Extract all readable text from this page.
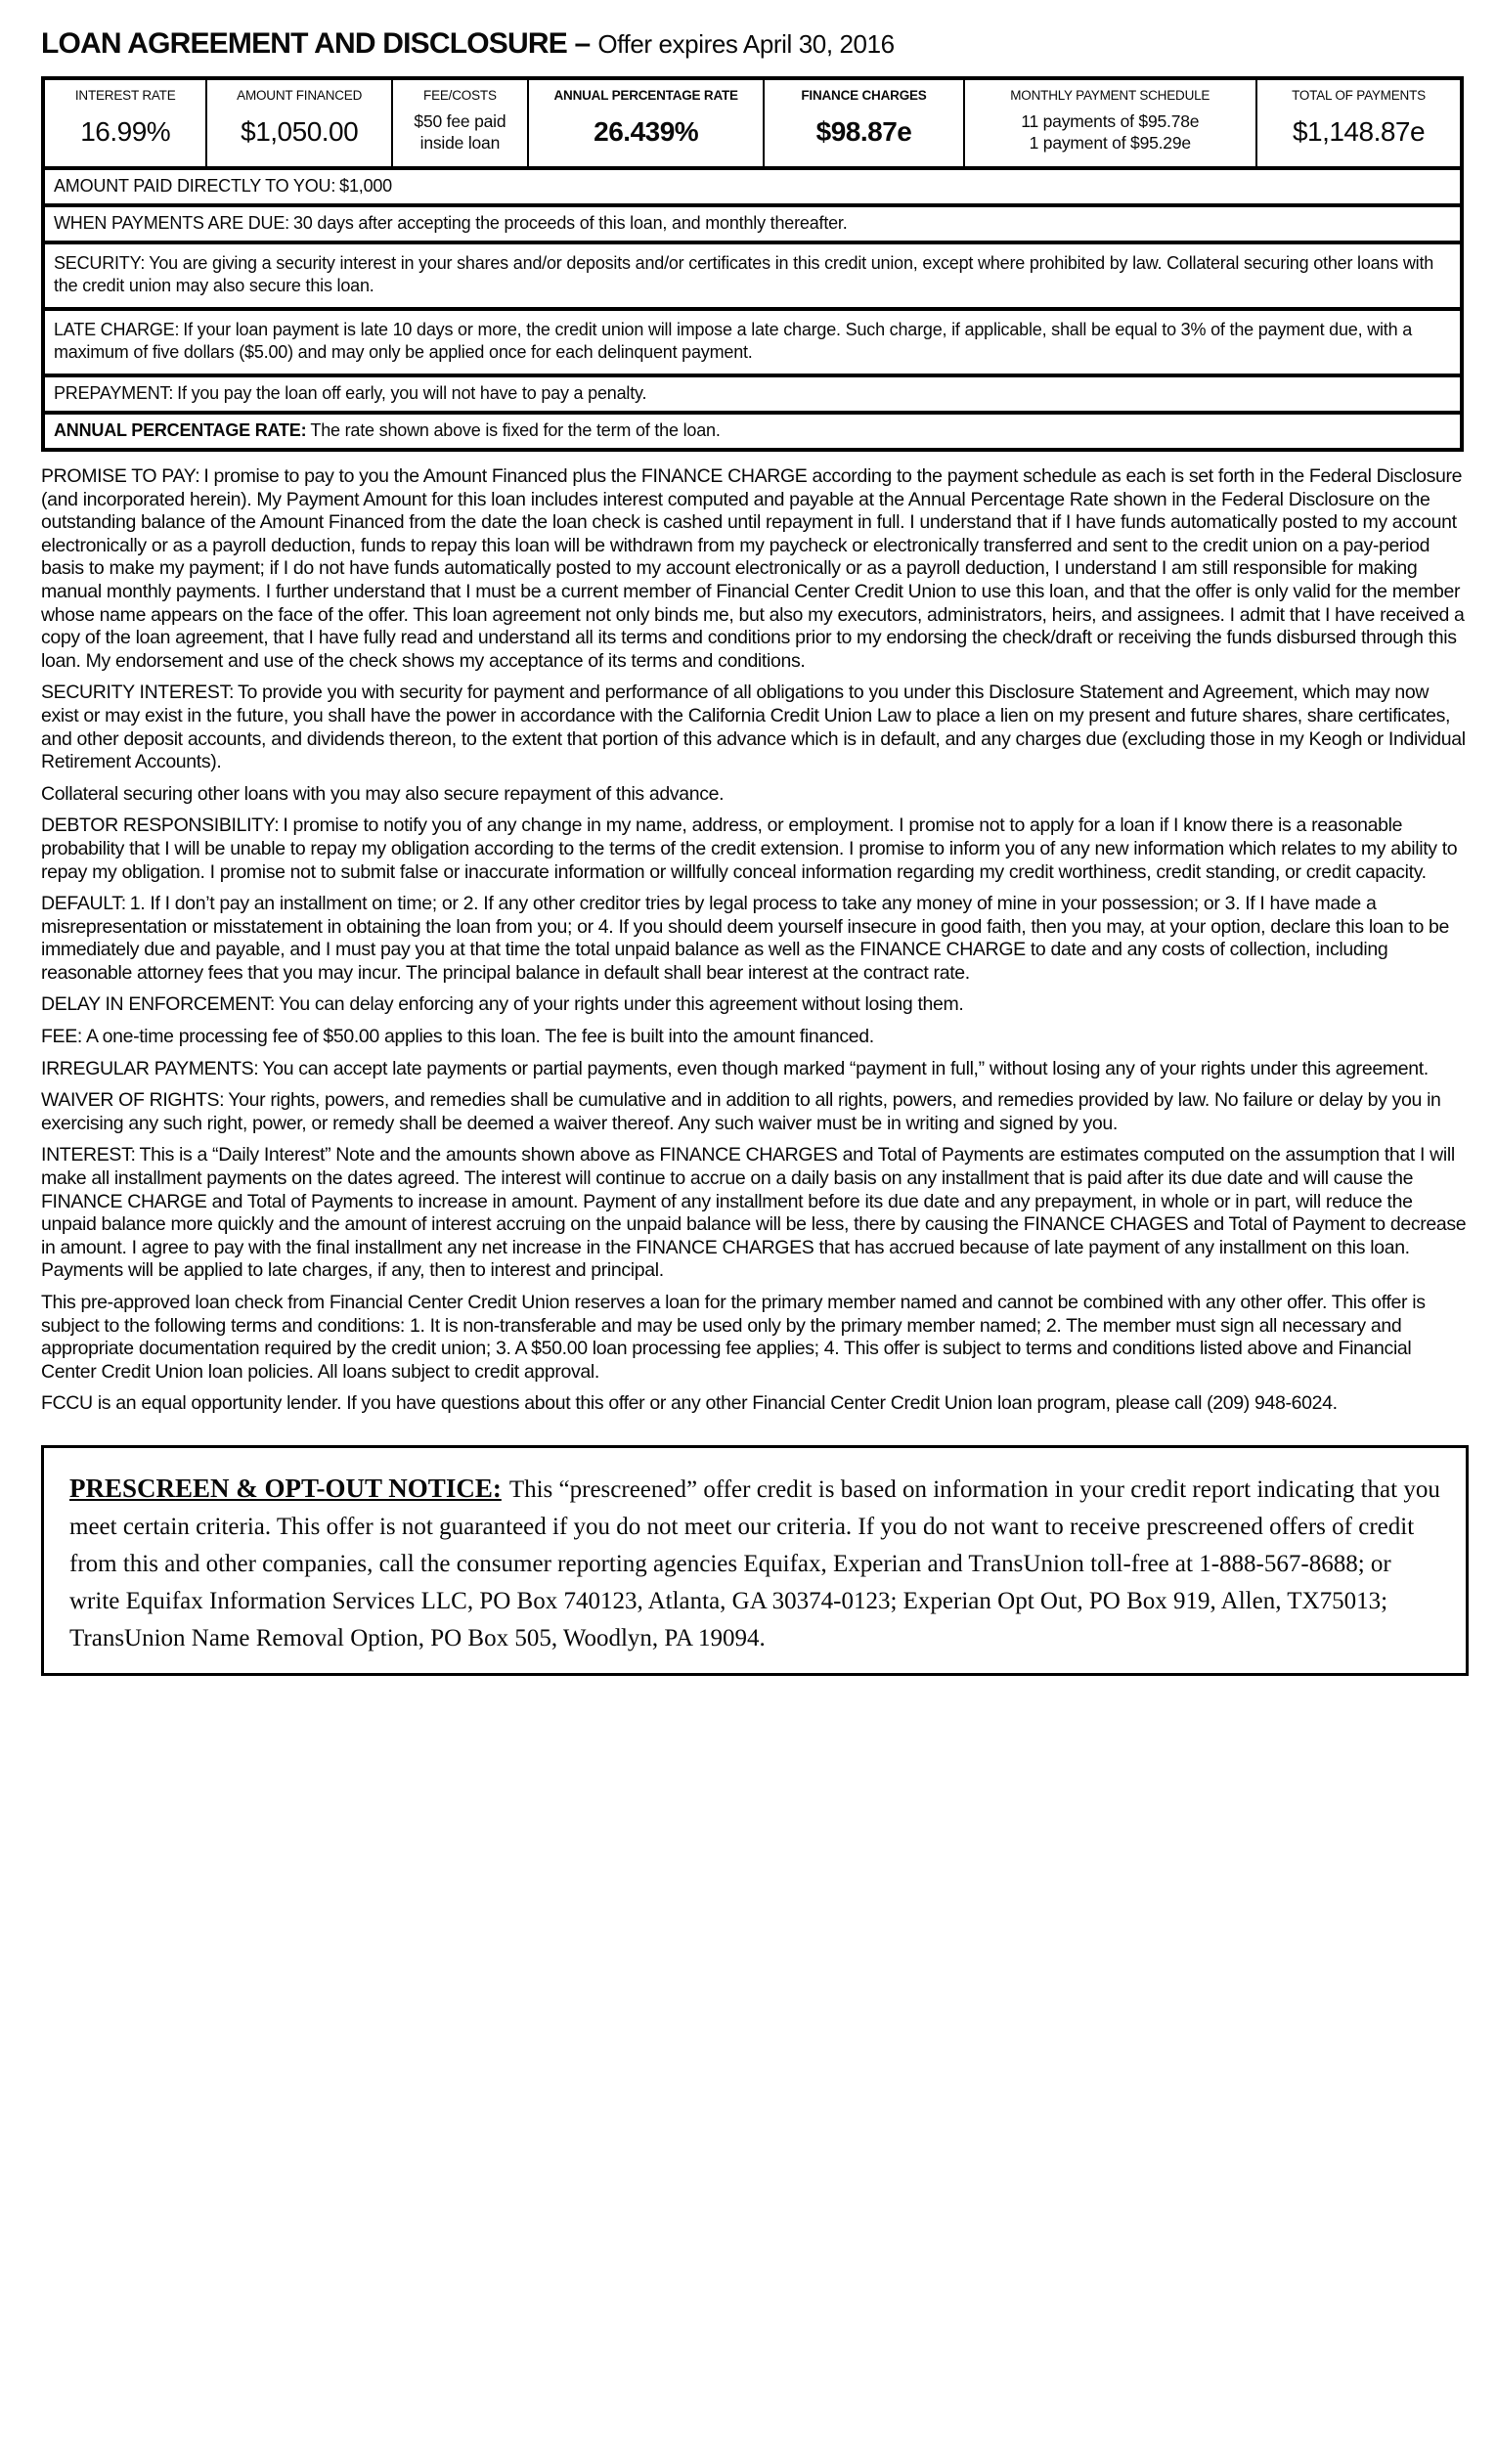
LOAN AGREEMENT AND DISCLOSURE – Offer expires April 30, 2016
INTEREST RATE
16.99%
AMOUNT FINANCED
$1,050.00
FEE/COSTS
$50 fee paid
inside loan
ANNUAL PERCENTAGE RATE
26.439%
FINANCE CHARGES
$98.87e
MONTHLY PAYMENT SCHEDULE
11 payments of $95.78e
1 payment of $95.29e
TOTAL OF PAYMENTS
$1,148.87e
AMOUNT PAID DIRECTLY TO YOU: $1,000
WHEN PAYMENTS ARE DUE: 30 days after accepting the proceeds of this loan, and monthly thereafter.
SECURITY: You are giving a security interest in your shares and/or deposits and/or certificates in this credit union, except where prohibited by law. Collateral securing other loans with the credit union may also secure this loan.
LATE CHARGE: If your loan payment is late 10 days or more, the credit union will impose a late charge. Such charge, if applicable, shall be equal to 3% of the payment due, with a maximum of five dollars ($5.00) and may only be applied once for each delinquent payment.
PREPAYMENT: If you pay the loan off early, you will not have to pay a penalty.
ANNUAL PERCENTAGE RATE: The rate shown above is fixed for the term of the loan.
PROMISE TO PAY: I promise to pay to you the Amount Financed plus the FINANCE CHARGE according to the payment schedule as each is set forth in the Federal Disclosure (and incorporated herein). My Payment Amount for this loan includes interest computed and payable at the Annual Percentage Rate shown in the Federal Disclosure on the outstanding balance of the Amount Financed from the date the loan check is cashed until repayment in full. I understand that if I have funds automatically posted to my account electronically or as a payroll deduction, funds to repay this loan will be withdrawn from my paycheck or electronically transferred and sent to the credit union on a pay-period basis to make my payment; if I do not have funds automatically posted to my account electronically or as a payroll deduction, I understand I am still responsible for making manual monthly payments. I further understand that I must be a current member of Financial Center Credit Union to use this loan, and that the offer is only valid for the member whose name appears on the face of the offer. This loan agreement not only binds me, but also my executors, administrators, heirs, and assignees. I admit that I have received a copy of the loan agreement, that I have fully read and understand all its terms and conditions prior to my endorsing the check/draft or receiving the funds disbursed through this loan. My endorsement and use of the check shows my acceptance of its terms and conditions.
SECURITY INTEREST: To provide you with security for payment and performance of all obligations to you under this Disclosure Statement and Agreement, which may now exist or may exist in the future, you shall have the power in accordance with the California Credit Union Law to place a lien on my present and future shares, share certificates, and other deposit accounts, and dividends thereon, to the extent that portion of this advance which is in default, and any charges due (excluding those in my Keogh or Individual Retirement Accounts).
Collateral securing other loans with you may also secure repayment of this advance.
DEBTOR RESPONSIBILITY: I promise to notify you of any change in my name, address, or employment. I promise not to apply for a loan if I know there is a reasonable probability that I will be unable to repay my obligation according to the terms of the credit extension. I promise to inform you of any new information which relates to my ability to repay my obligation. I promise not to submit false or inaccurate information or willfully conceal information regarding my credit worthiness, credit standing, or credit capacity.
DEFAULT: 1. If I don’t pay an installment on time; or 2. If any other creditor tries by legal process to take any money of mine in your possession; or 3. If I have made a misrepresentation or misstatement in obtaining the loan from you; or 4. If you should deem yourself insecure in good faith, then you may, at your option, declare this loan to be immediately due and payable, and I must pay you at that time the total unpaid balance as well as the FINANCE CHARGE to date and any costs of collection, including reasonable attorney fees that you may incur. The principal balance in default shall bear interest at the contract rate.
DELAY IN ENFORCEMENT: You can delay enforcing any of your rights under this agreement without losing them.
FEE: A one-time processing fee of $50.00 applies to this loan. The fee is built into the amount financed.
IRREGULAR PAYMENTS: You can accept late payments or partial payments, even though marked “payment in full,” without losing any of your rights under this agreement.
WAIVER OF RIGHTS: Your rights, powers, and remedies shall be cumulative and in addition to all rights, powers, and remedies provided by law. No failure or delay by you in exercising any such right, power, or remedy shall be deemed a waiver thereof. Any such waiver must be in writing and signed by you.
INTEREST: This is a “Daily Interest” Note and the amounts shown above as FINANCE CHARGES and Total of Payments are estimates computed on the assumption that I will make all installment payments on the dates agreed. The interest will continue to accrue on a daily basis on any installment that is paid after its due date and will cause the FINANCE CHARGE and Total of Payments to increase in amount. Payment of any installment before its due date and any prepayment, in whole or in part, will reduce the unpaid balance more quickly and the amount of interest accruing on the unpaid balance will be less, there by causing the FINANCE CHAGES and Total of Payment to decrease in amount. I agree to pay with the final installment any net increase in the FINANCE CHARGES that has accrued because of late payment of any installment on this loan. Payments will be applied to late charges, if any, then to interest and principal.
This pre-approved loan check from Financial Center Credit Union reserves a loan for the primary member named and cannot be combined with any other offer. This offer is subject to the following terms and conditions: 1. It is non-transferable and may be used only by the primary member named; 2. The member must sign all necessary and appropriate documentation required by the credit union; 3. A $50.00 loan processing fee applies; 4. This offer is subject to terms and conditions listed above and Financial Center Credit Union loan policies. All loans subject to credit approval.
FCCU is an equal opportunity lender. If you have questions about this offer or any other Financial Center Credit Union loan program, please call (209) 948-6024.
PRESCREEN & OPT-OUT NOTICE: This “prescreened” offer credit is based on information in your credit report indicating that you meet certain criteria. This offer is not guaranteed if you do not meet our criteria. If you do not want to receive prescreened offers of credit from this and other companies, call the consumer reporting agencies Equifax, Experian and TransUnion toll-free at 1-888-567-8688; or write Equifax Information Services LLC, PO Box 740123, Atlanta, GA 30374-0123; Experian Opt Out, PO Box 919, Allen, TX75013; TransUnion Name Removal Option, PO Box 505, Woodlyn, PA 19094.
